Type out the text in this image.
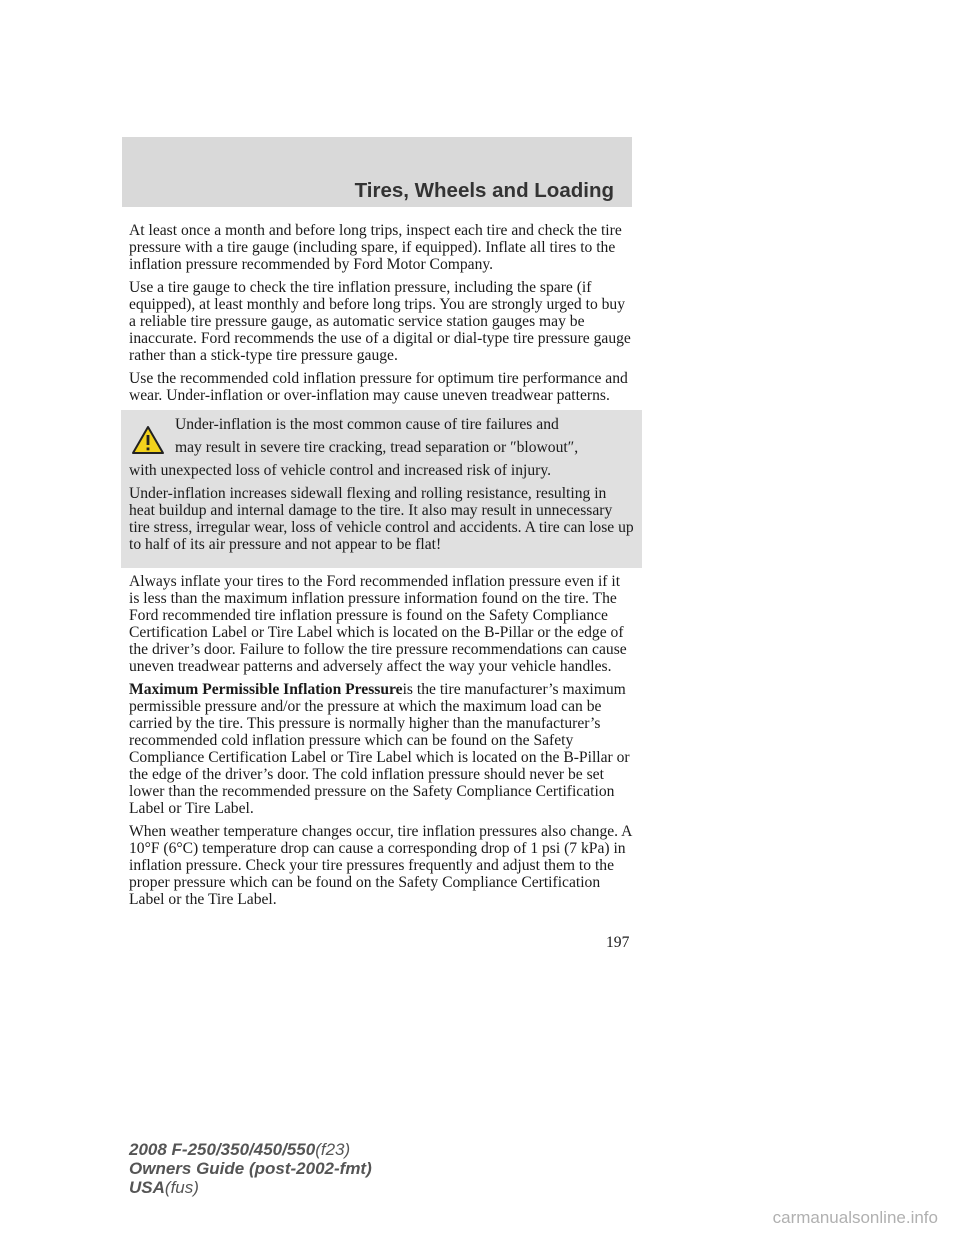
Tires, Wheels and Loading

At least once a month and before long trips, inspect each tire and check the tire pressure with a tire gauge (including spare, if equipped). Inflate all tires to the inflation pressure recommended by Ford Motor Company.

Use a tire gauge to check the tire inflation pressure, including the spare (if equipped), at least monthly and before long trips. You are strongly urged to buy a reliable tire pressure gauge, as automatic service station gauges may be inaccurate. Ford recommends the use of a digital or dial-type tire pressure gauge rather than a stick-type tire pressure gauge.

Use the recommended cold inflation pressure for optimum tire performance and wear. Under-inflation or over-inflation may cause uneven treadwear patterns.

Under-inflation is the most common cause of tire failures and

may result in severe tire cracking, tread separation or ″blowout″,

with unexpected loss of vehicle control and increased risk of injury.

Under-inflation increases sidewall flexing and rolling resistance, resulting in heat buildup and internal damage to the tire. It also may result in unnecessary tire stress, irregular wear, loss of vehicle control and accidents. A tire can lose up to half of its air pressure and not appear to be flat!

Always inflate your tires to the Ford recommended inflation pressure even if it is less than the maximum inflation pressure information found on the tire. The Ford recommended tire inflation pressure is found on the Safety Compliance Certification Label or Tire Label which is located on the B-Pillar or the edge of the driver’s door. Failure to follow the tire pressure recommendations can cause uneven treadwear patterns and adversely affect the way your vehicle handles.

Maximum Permissible Inflation Pressureis the tire manufacturer’s maximum permissible pressure and/or the pressure at which the maximum load can be carried by the tire. This pressure is normally higher than the manufacturer’s recommended cold inflation pressure which can be found on the Safety Compliance Certification Label or Tire Label which is located on the B-Pillar or the edge of the driver’s door. The cold inflation pressure should never be set lower than the recommended pressure on the Safety Compliance Certification Label or Tire Label.

When weather temperature changes occur, tire inflation pressures also change. A 10°F (6°C) temperature drop can cause a corresponding drop of 1 psi (7 kPa) in inflation pressure. Check your tire pressures frequently and adjust them to the proper pressure which can be found on the Safety Compliance Certification Label or the Tire Label.

197
2008 F-250/350/450/550(f23)
Owners Guide (post-2002-fmt)
USA(fus)
carmanualsonline.info
